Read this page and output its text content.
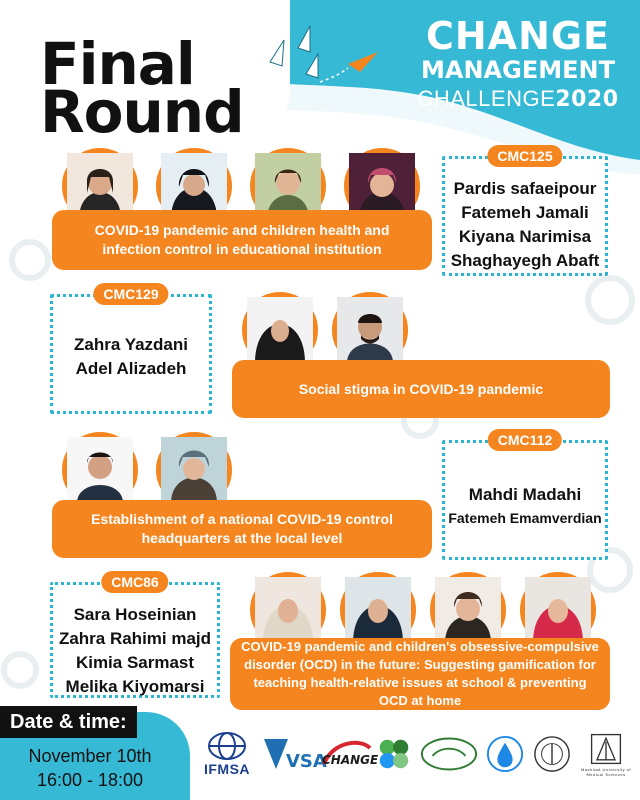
Final
Round
CHANGE
MANAGEMENT
CHALLENGE2020
COVID-19 pandemic and children health and infection control in educational institution
CMC125
Pardis safaeipour
Fatemeh Jamali
Kiyana Narimisa
Shaghayegh Abaft
CMC129
Zahra Yazdani
Adel Alizadeh
Social stigma in COVID-19 pandemic
Establishment of a national COVID-19 control headquarters at the local level
CMC112
Mahdi Madahi
Fatemeh Emamverdian
CMC86
Sara Hoseinian
Zahra Rahimi majd
Kimia Sarmast
Melika Kiyomarsi
COVID-19 pandemic and children's obsessive-compulsive disorder (OCD) in the future: Suggesting gamification for teaching health-relative issues at school & preventing OCD at home
Date & time:
November 10th
16:00 - 18:00
IFMSA VSA
CHANGE
Mashhad University of Medical Sciences
